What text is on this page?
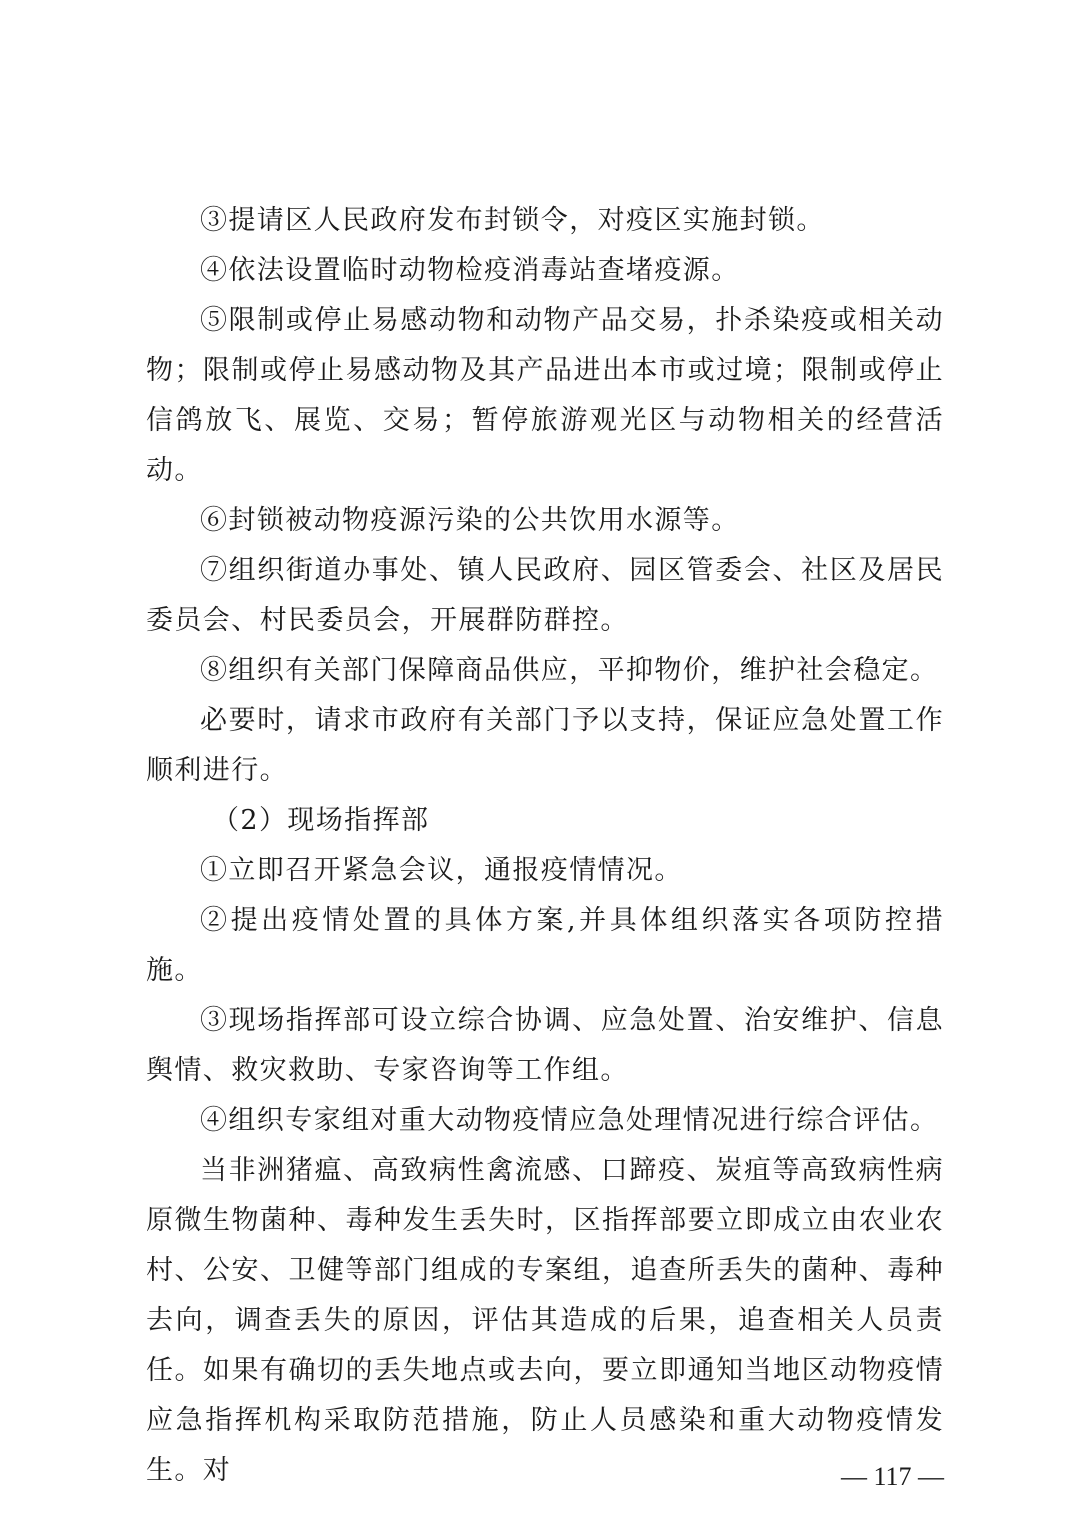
③提请区人民政府发布封锁令，对疫区实施封锁。

④依法设置临时动物检疫消毒站查堵疫源。

⑤限制或停止易感动物和动物产品交易，扑杀染疫或相关动物；限制或停止易感动物及其产品进出本市或过境；限制或停止信鸽放飞、展览、交易；暂停旅游观光区与动物相关的经营活动。

⑥封锁被动物疫源污染的公共饮用水源等。

⑦组织街道办事处、镇人民政府、园区管委会、社区及居民委员会、村民委员会，开展群防群控。

⑧组织有关部门保障商品供应，平抑物价，维护社会稳定。

必要时，请求市政府有关部门予以支持，保证应急处置工作顺利进行。

（2）现场指挥部

①立即召开紧急会议，通报疫情情况。

②提出疫情处置的具体方案,并具体组织落实各项防控措施。

③现场指挥部可设立综合协调、应急处置、治安维护、信息舆情、救灾救助、专家咨询等工作组。

④组织专家组对重大动物疫情应急处理情况进行综合评估。

当非洲猪瘟、高致病性禽流感、口蹄疫、炭疽等高致病性病原微生物菌种、毒种发生丢失时，区指挥部要立即成立由农业农村、公安、卫健等部门组成的专案组，追查所丢失的菌种、毒种去向，调查丢失的原因，评估其造成的后果，追查相关人员责任。如果有确切的丢失地点或去向，要立即通知当地区动物疫情应急指挥机构采取防范措施，防止人员感染和重大动物疫情发生。对	— 117 —
